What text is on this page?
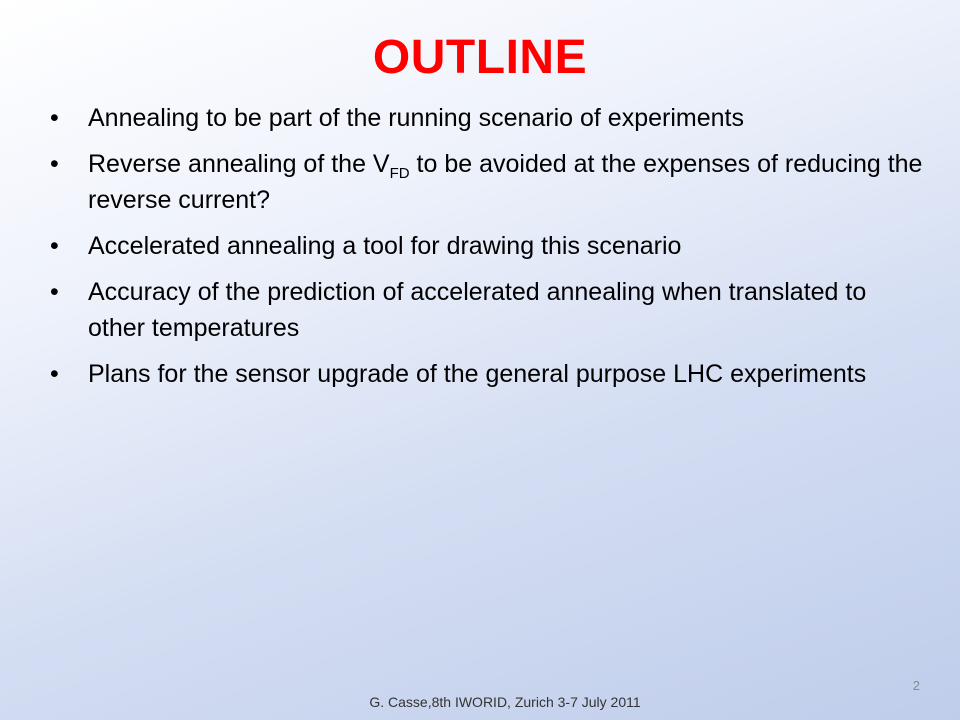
OUTLINE
• Annealing to be part of the running scenario of experiments
• Reverse annealing of the $V_{FD}$ to be avoided at the expenses of reducing the reverse current?
• Accelerated annealing a tool for drawing this scenario
• Accuracy of the prediction of accelerated annealing when translated to other temperatures
• Plans for the sensor upgrade of the general purpose LHC experiments
2
G. Casse,8th IWORID, Zurich 3-7 July 2011
